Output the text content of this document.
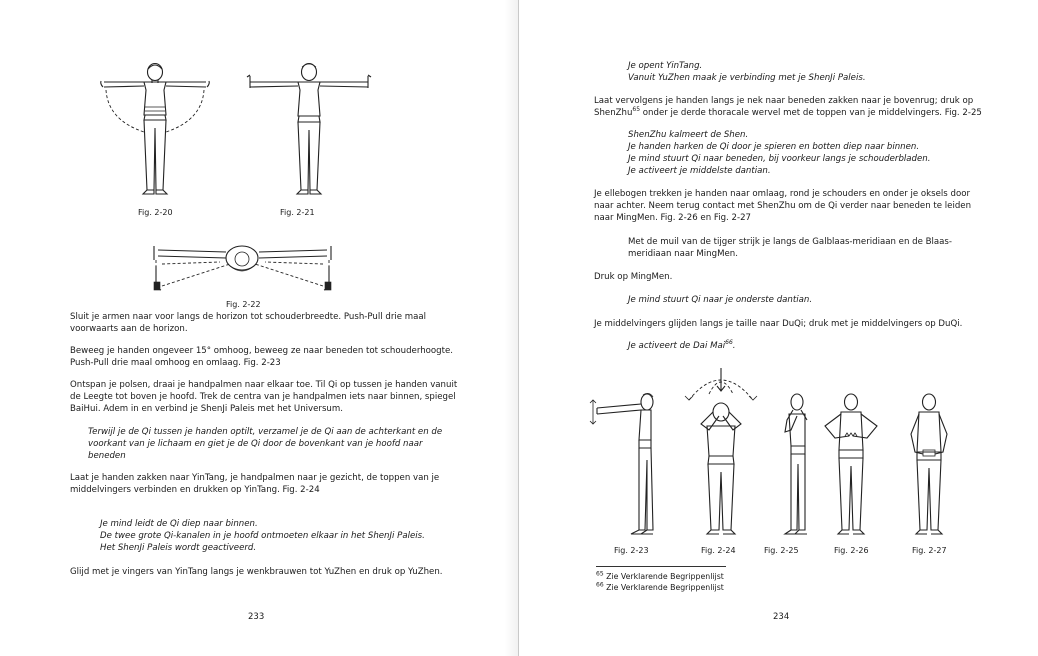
Fig. 2-20	Fig. 2-21
Fig. 2-22
Sluit je armen naar voor langs de horizon tot schouderbreedte. Push-Pull drie maal
voorwaarts aan de horizon.
Beweeg je handen ongeveer 15° omhoog, beweeg ze naar beneden tot schouderhoogte.
Push-Pull drie maal omhoog en omlaag. Fig. 2-23
Ontspan je polsen, draai je handpalmen naar elkaar toe. Til Qi op tussen je handen vanuit
de Leegte tot boven je hoofd. Trek de centra van je handpalmen iets naar binnen, spiegel
BaiHui. Adem in en verbind je ShenJi Paleis met het Universum.
Terwijl je de Qi tussen je handen optilt, verzamel je de Qi aan de achterkant en de
voorkant van je lichaam en giet je de Qi door de bovenkant van je hoofd naar
beneden
Laat je handen zakken naar YinTang, je handpalmen naar je gezicht, de toppen van je
middelvingers verbinden en drukken op YinTang. Fig. 2-24
Je mind leidt de Qi diep naar binnen.
De twee grote Qi-kanalen in je hoofd ontmoeten elkaar in het ShenJi Paleis.
Het ShenJi Paleis wordt geactiveerd.
Glijd met je vingers van YinTang langs je wenkbrauwen tot YuZhen en druk op YuZhen.
233
Je opent YinTang.
Vanuit YuZhen maak je verbinding met je ShenJi Paleis.
Laat vervolgens je handen langs je nek naar beneden zakken naar je bovenrug; druk op
ShenZhu$^{65}$ onder je derde thoracale wervel met de toppen van je middelvingers. Fig. 2-25
ShenZhu kalmeert de Shen.
Je handen harken de Qi door je spieren en botten diep naar binnen.
Je mind stuurt Qi naar beneden, bij voorkeur langs je schouderbladen.
Je activeert je middelste dantian.
Je ellebogen trekken je handen naar omlaag, rond je schouders en onder je oksels door
naar achter. Neem terug contact met ShenZhu om de Qi verder naar beneden te leiden
naar MingMen. Fig. 2-26 en Fig. 2-27
Met de muil van de tijger strijk je langs de Galblaas-meridiaan en de Blaas-
meridiaan naar MingMen.
Druk op MingMen.
Je mind stuurt Qi naar je onderste dantian.
Je middelvingers glijden langs je taille naar DuQi; druk met je middelvingers op DuQi.
Je activeert de Dai Mai$^{66}$.
Fig. 2-23	Fig. 2-24	Fig. 2-25	Fig. 2-26	Fig. 2-27
$^{65}$ Zie Verklarende Begrippenlijst
$^{66}$ Zie Verklarende Begrippenlijst
234
